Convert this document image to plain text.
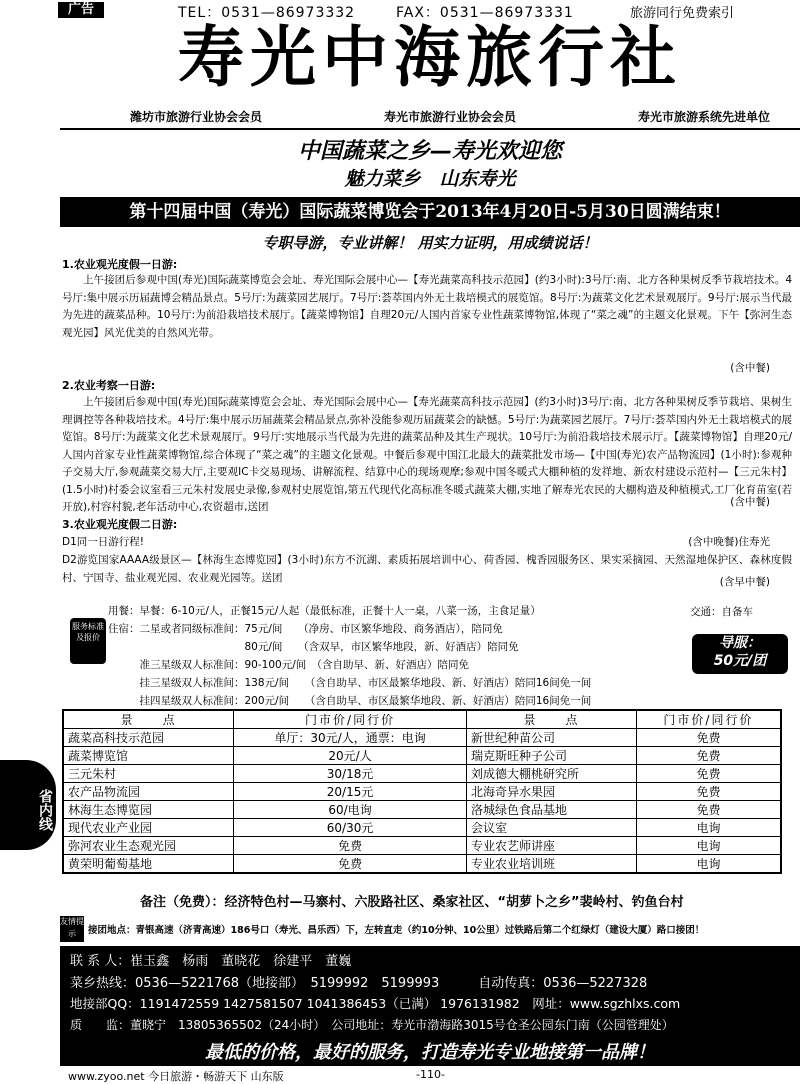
广告	TEL：0531—86973332	FAX：0531—86973331	旅游同行免费索引
寿光中海旅行社
潍坊市旅游行业协会会员	寿光市旅游行业协会会员	寿光市旅游系统先进单位
中国蔬菜之乡—寿光欢迎您
魅力菜乡　山东寿光
第十四届中国（寿光）国际蔬菜博览会于2013年4月20日-5月30日圆满结束！
专职导游，专业讲解！ 用实力证明，用成绩说话！
1.农业观光度假一日游:
上午接团后参观中国(寿光)国际蔬菜博览会会址、寿光国际会展中心—【寿光蔬菜高科技示范园】(约3小时):3号厅:南、北方各种果树反季节栽培技术。4号厅:集中展示历届蔬博会精品景点。5号厅:为蔬菜园艺展厅。7号厅:荟萃国内外无土栽培模式的展览馆。8号厅:为蔬菜文化艺术景观展厅。9号厅:展示当代最为先进的蔬菜品种。10号厅:为前沿栽培技术展厅。【蔬菜博物馆】自理20元/人国内首家专业性蔬菜博物馆,体现了“菜之魂”的主题文化景观。下午【弥河生态观光园】风光优美的自然风光带。
(含中餐)
2.农业考察一日游:
上午接团后参观中国(寿光)国际蔬菜博览会会址、寿光国际会展中心—【寿光蔬菜高科技示范园】(约3小时)3号厅:南、北方各种果树反季节栽培、果树生理调控等各种栽培技术。4号厅:集中展示历届蔬菜会精品景点,弥补没能参观历届蔬菜会的缺憾。5号厅:为蔬菜园艺展厅。7号厅:荟萃国内外无土栽培模式的展览馆。8号厅:为蔬菜文化艺术景观展厅。9号厅:实地展示当代最为先进的蔬菜品种及其生产现状。10号厅:为前沿栽培技术展示厅。【蔬菜博物馆】自理20元/人国内首家专业性蔬菜博物馆,综合体现了“菜之魂”的主题文化景观。中餐后参观中国江北最大的蔬菜批发市场—【中国(寿光)农产品物流园】(1小时):参观种子交易大厅,参观蔬菜交易大厅,主要观IC卡交易现场、讲解流程、结算中心的现场观摩;参观中国冬暖式大棚种植的发祥地、新农村建设示范村—【三元朱村】(1.5小时)村委会议室看三元朱村发展史录像,参观村史展览馆,第五代现代化高标准冬暖式蔬菜大棚,实地了解寿光农民的大棚构造及种植模式,工厂化育苗室(若开放),村容村貌,老年活动中心,农资超市,送团	(含中餐)
3.农业观光度假二日游:
D1同一日游行程!	(含中晚餐)住寿光
D2游览国家AAAA级景区—【林海生态博览园】(3小时)东方不沉湖、素质拓展培训中心、荷香园、槐香园服务区、果实采摘园、天然湿地保护区、森林度假村、宁国寺、盐业观光园、农业观光园等。送团	(含早中餐)
服务标准及报价
用餐：早餐：6-10元/人，正餐15元/人起（最低标准，正餐十人一桌，八菜一汤，主食足量）	交通：自备车
住宿：二星或者同级标准间：75元/间　　（净房、市区繁华地段、商务酒店），陪同免
　　　　　　　　　　　　　80元/间　　（含双早，市区繁华地段，新、好酒店）陪同免
　　　准三星级双人标准间：90-100元/间　（含自助早、新、好酒店）陪同免
　　　挂三星级双人标准间：138元/间　　（含自助早、市区最繁华地段、新、好酒店）陪同16间免一间
　　　挂四星级双人标准间：200元/间　　（含自助早、市区最繁华地段、新、好酒店）陪同16间免一间
导服：
50元/团
景　　点	门市价/同行价	景　　点	门市价/同行价
蔬菜高科技示范园	单厅：30元/人，通票：电询	新世纪种苗公司	免费
蔬菜博览馆	20元/人	瑞克斯旺种子公司	免费
三元朱村	30/18元	刘成德大棚桃研究所	免费
农产品物流园	20/15元	北海奇异水果园	免费
林海生态博览园	60/电询	洛城绿色食品基地	免费
现代农业产业园	60/30元	会议室	电询
弥河农业生态观光园	免费	专业农艺师讲座	电询
黄荣明葡萄基地	免费	专业农业培训班	电询
备注（免费）：经济特色村—马寨村、六股路社区、桑家社区、“胡萝卜之乡”裴岭村、钓鱼台村
友情提示	接团地点：青银高速（济青高速）186号口（寿光、昌乐西）下，左转直走（约10分钟、10公里）过铁路后第二个红绿灯（建设大厦）路口接团！
联 系 人：崔玉鑫　杨雨　董晓花　徐建平　董巍
菜乡热线：0536—5221768（地接部）　5199992　5199993　　　自动传真：0536—5227328
地接部QQ：1191472559 1427581507 1041386453（已满） 1976131982　网址：www.sgzhlxs.com
质　　监：董晓宁　13805365502（24小时）　公司地址：寿光市渤海路3015号仓圣公园东门南（公园管理处）
最低的价格，最好的服务，打造寿光专业地接第一品牌！
www.zyoo.net 今日旅游・畅游天下 山东版	-110-
省内线
